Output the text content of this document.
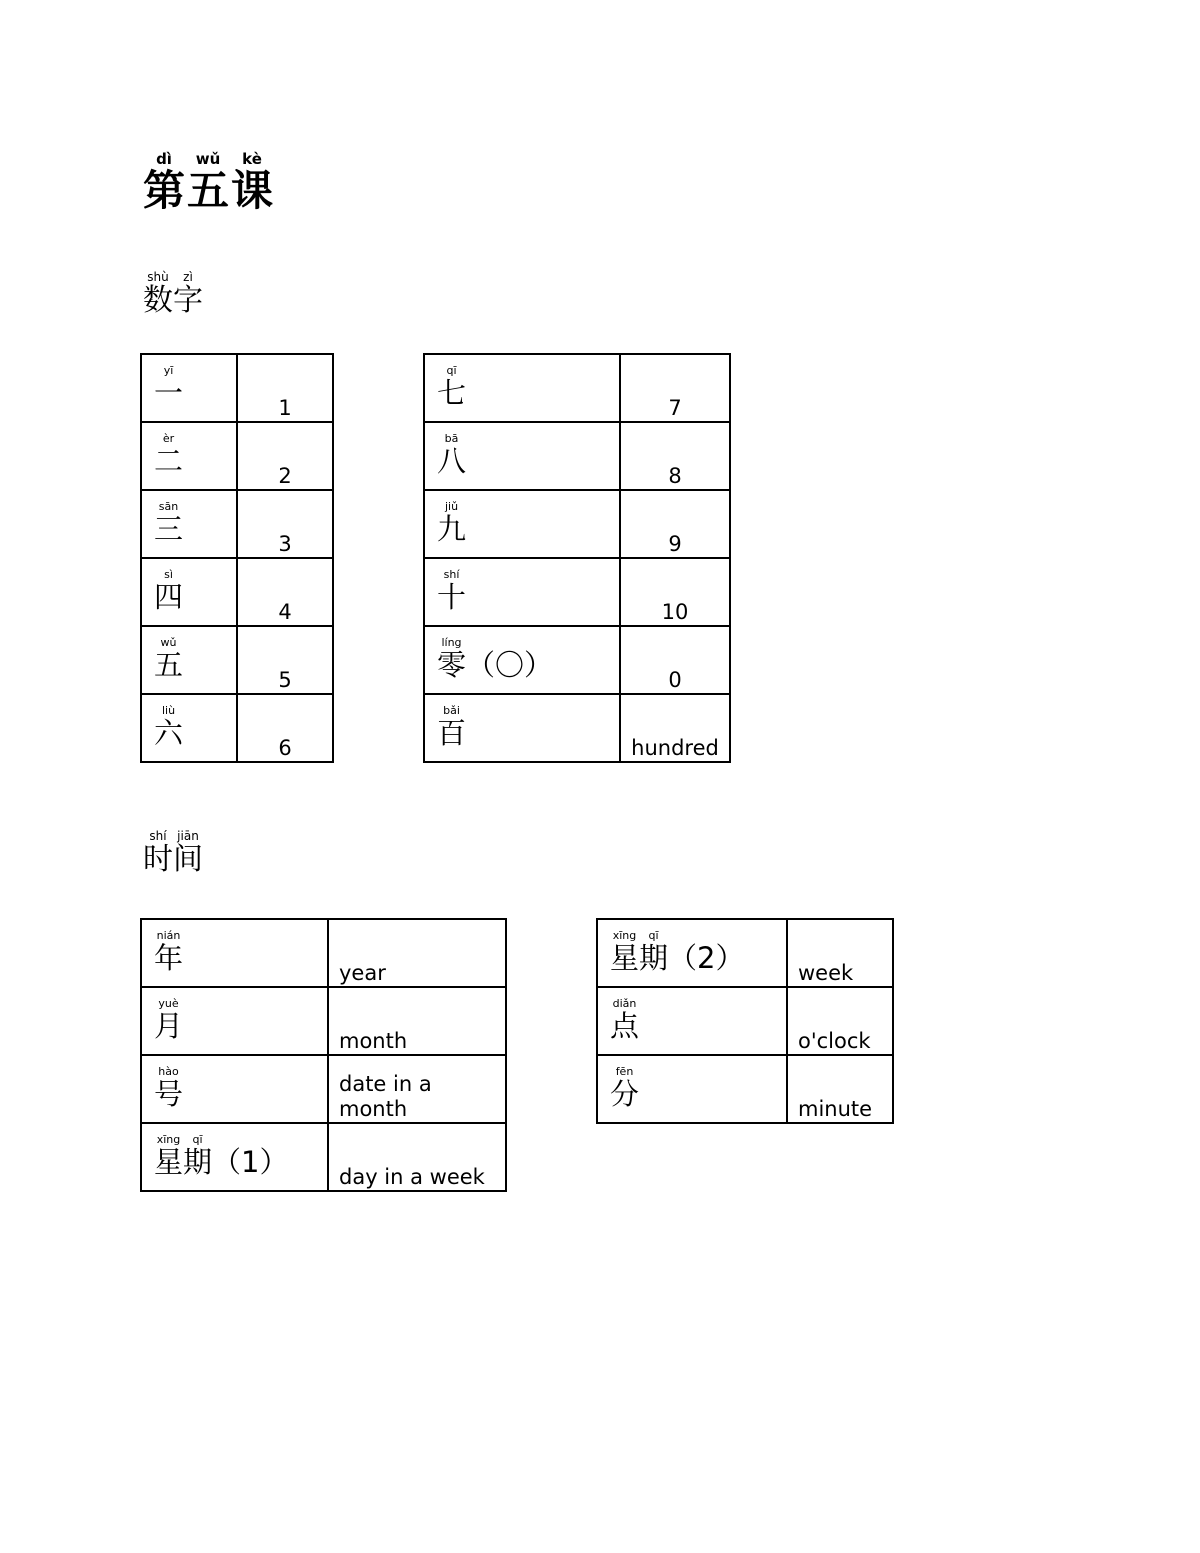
dì
第
wǔ
五
kè
课
shù
数
zì
字
yī
一	1

èr
二	2

sān
三	3

sì
四	4

wǔ
五	5

liù
六	6
qī
七	7

bā
八	8

jiǔ
九	9

shí
十	10

líng
零 （〇）	0

bǎi
百	hundred
shí
时
jiān
间
nián
年	year

yuè
月	month

hào
号	date in a month

xīng
星
qī
期 （1）	day in a week
xīng
星
qī
期 （2）	week

diǎn
点	o'clock

fēn
分	minute
